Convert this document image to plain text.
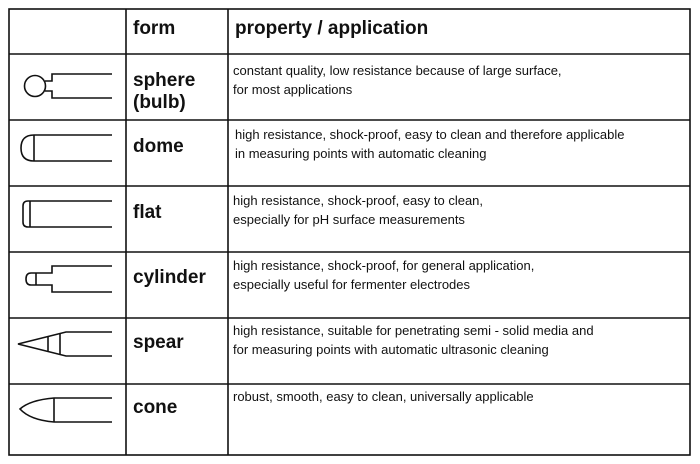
form	property / application
sphere
(bulb)
constant quality, low resistance because of large surface,
for most applications
dome
high resistance, shock-proof, easy to clean and therefore applicable
in measuring points with automatic cleaning
flat
high resistance, shock-proof, easy to clean,
especially for pH surface measurements
cylinder
high resistance, shock-proof, for general application,
especially useful for fermenter electrodes
spear
high resistance, suitable for penetrating semi - solid media and
for measuring points with automatic ultrasonic cleaning
cone
robust, smooth, easy to clean, universally applicable
